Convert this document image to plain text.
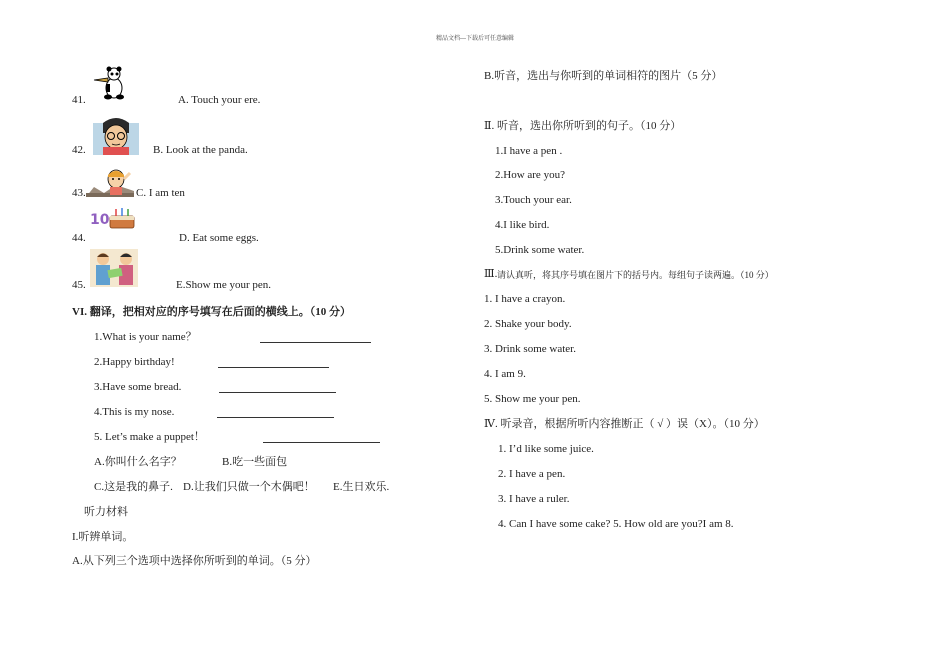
精品文档---下载后可任意编辑
41.	A. Touch your ere.
42.	B. Look at the panda.
43.	C. I am ten
10
44.	D. Eat some eggs.
45.	E.Show me your pen.
VI. 翻译，把相对应的序号填写在后面的横线上。（10 分）
1.What is your name？
2.Happy birthday!
3.Have some bread.
4.This is my nose.
5. Let’s make a puppet！
A.你叫什么名字？	B.吃一些面包
C.这是我的鼻子. D.让我们只做一个木偶吧！ E.生日欢乐.
听力材料
I.听辨单词。
A.从下列三个选项中选择你所听到的单词。（5 分）
B.听音，选出与你听到的单词相符的图片（5 分）
Ⅱ. 听音，选出你所听到的句子。（10 分）
1.I have a pen .
2.How are you?
3.Touch your ear.
4.I like bird.
5.Drink some water.
Ⅲ. 请认真听，将其序号填在图片下的括号内。每组句子读两遍。（10 分）
1. I have a crayon.
2. Shake your body.
3. Drink some water.
4. I am 9.
5. Show me your pen.
Ⅳ. 听录音，根据所听内容推断正（ √ ）误（X）。（10 分）
1. I’d like some juice.
2. I have a pen.
3. I have a ruler.
4. Can I have some cake? 5. How old are you?I am 8.
